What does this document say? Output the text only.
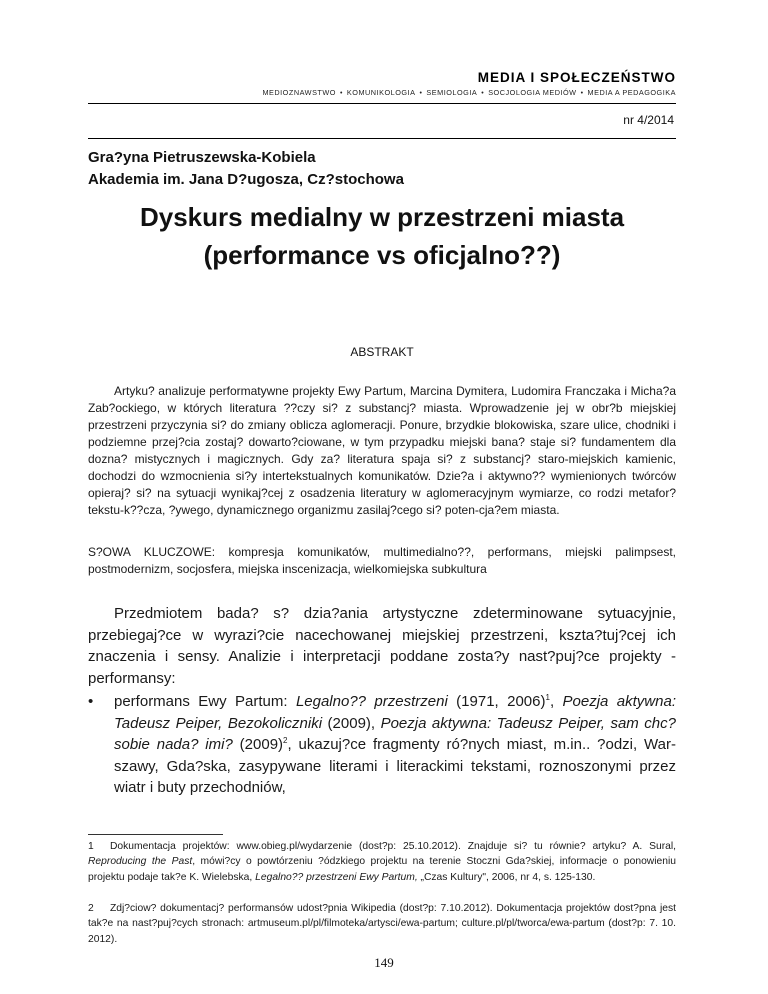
MEDIA I SPOŁECZEŃSTWO
MEDIOZNAWSTWO • KOMUNIKOLOGIA • SEMIOLOGIA • SOCJOLOGIA MEDIÓW • MEDIA A PEDAGOGIKA
nr 4/2014
Gra?yna Pietruszewska-Kobiela
Akademia im. Jana D?ugosza, Cz?stochowa
Dyskurs medialny w przestrzeni miasta
(performance vs oficjalno??)
ABSTRAKT

Artyku? analizuje performatywne projekty Ewy Partum, Marcina Dymitera, Ludomira Franczaka i Micha?a Zab?ockiego, w których literatura ??czy si? z substancj? miasta. Wprowadzenie jej w obr?b miejskiej przestrzeni przyczynia si? do zmiany oblicza aglomeracji. Ponure, brzydkie blokowiska, szare ulice, chodniki i podziemne przej?cia zostaj? dowarto?ciowane, w tym przypadku miejski bana? staje si? fundamentem dla dozna? mistycznych i magicznych. Gdy za? literatura spaja si? z substancj? staro-miejskich kamienic, dochodzi do wzmocnienia si?y intertekstualnych komunikatów. Dzie?a i aktywno?? wymienionych twórców opieraj? si? na sytuacji wynikaj?cej z osadzenia literatury w aglomeracyjnym wymiarze, co rodzi metafor? tekstu-k??cza, ?ywego, dynamicznego organizmu zasilaj?cego si? poten-cja?em miasta.

S?OWA KLUCZOWE: kompresja komunikatów, multimedialno??, performans, miejski palimpsest, postmodernizm, socjosfera, miejska inscenizacja, wielkomiejska subkultura

Przedmiotem bada? s? dzia?ania artystyczne zdeterminowane sytuacyjnie, przebiegaj?ce w wyrazi?cie nacechowanej miejskiej przestrzeni, kszta?tuj?cej ich znaczenia i sensy. Analizie i interpretacji poddane zosta?y nast?puj?ce projekty - performansy:

• performans Ewy Partum: Legalno?? przestrzeni (1971, 2006)$^1$, Poezja aktywna: Tadeusz Peiper, Bezokoliczniki (2009), Poezja aktywna: Tadeusz Peiper, sam chc? sobie nada? imi? $(2009)^2$, ukazuj?ce fragmenty ró?nych miast, m.in.. ?odzi, War-szawy, Gda?ska, zasypywane literami i literackimi tekstami, roznoszonymi przez wiatr i buty przechodniów,

1 Dokumentacja projektów: www.obieg.pl/wydarzenie (dost?p: 25.10.2012). Znajduje si? tu równie? artyku? A. Sural, Reproducing the Past, mówi?cy o powtórzeniu ?ódzkiego projektu na terenie Stoczni Gda?skiej, informacje o ponowieniu projektu podaje tak?e K. Wielebska, Legalno?? przestrzeni Ewy Partum, „Czas Kultury", 2006, nr 4, s. 125-130.

2 Zdj?ciow? dokumentacj? performansów udost?pnia Wikipedia (dost?p: 7.10.2012). Dokumentacja projektów dost?pna jest tak?e na nast?puj?cych stronach: artmuseum.pl/pl/filmoteka/artysci/ewa-partum; culture.pl/pl/tworca/ewa-partum (dost?p: 7. 10. 2012).

149
